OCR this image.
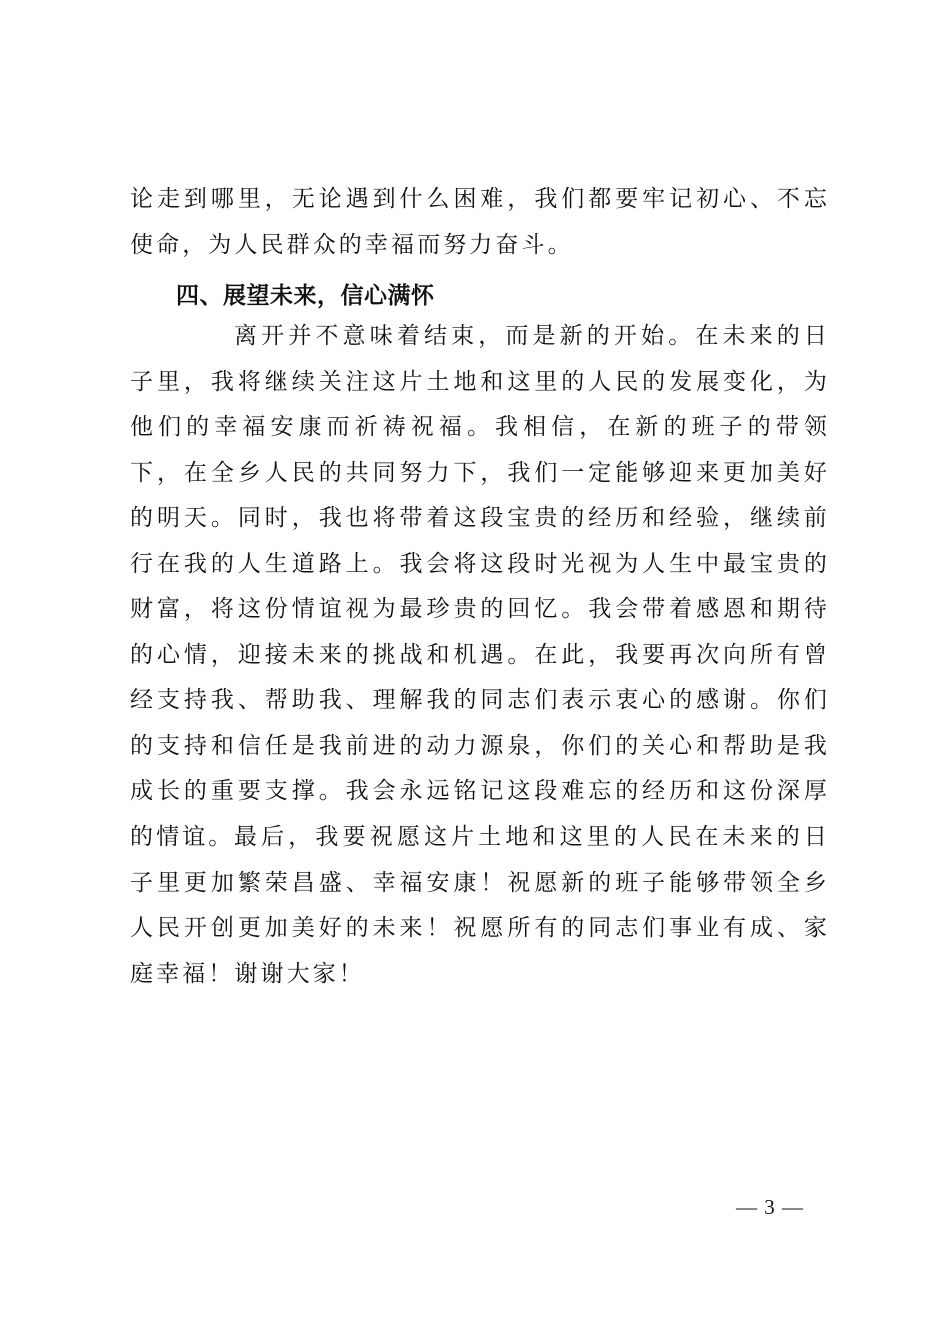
论走到哪里，无论遇到什么困难，我们都要牢记初心、不忘使命，为人民群众的幸福而努力奋斗。

四、展望未来，信心满怀

离开并不意味着结束，而是新的开始。在未来的日子里，我将继续关注这片土地和这里的人民的发展变化，为他们的幸福安康而祈祷祝福。我相信，在新的班子的带领下，在全乡人民的共同努力下，我们一定能够迎来更加美好的明天。同时，我也将带着这段宝贵的经历和经验，继续前行在我的人生道路上。我会将这段时光视为人生中最宝贵的财富，将这份情谊视为最珍贵的回忆。我会带着感恩和期待的心情，迎接未来的挑战和机遇。在此，我要再次向所有曾经支持我、帮助我、理解我的同志们表示衷心的感谢。你们的支持和信任是我前进的动力源泉，你们的关心和帮助是我成长的重要支撑。我会永远铭记这段难忘的经历和这份深厚的情谊。 最后，我要祝愿这片土地和这里的人民在未来的日子里更加繁荣昌盛、幸福安康！祝愿新的班子能够带领全乡人民开创更加美好的未来！祝愿所有的同志们事业有成、家庭幸福！谢谢大家！

— 3 —
